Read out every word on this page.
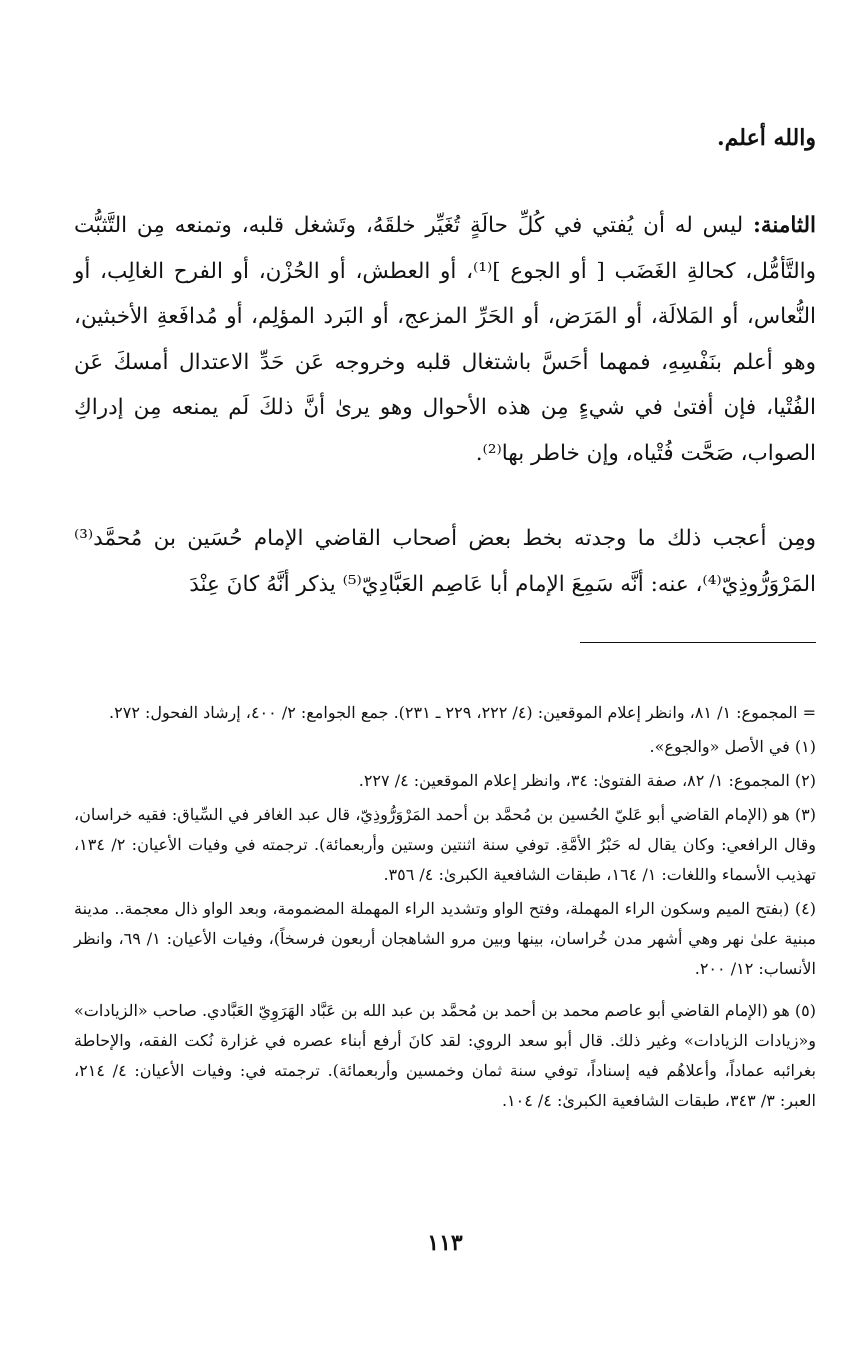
والله أعلم.

الثامنة: ليس له أن يُفتي في كُلِّ حالَةٍ تُغَيِّر خلقَهُ، وتَشغل قلبه، وتمنعه مِن التَّثبُّت والتَّأمُّل، كحالةِ الغَضَب [ أو الجوع ]⁽¹⁾، أو العطش، أو الحُزْن، أو الفرح الغالِب، أو النُّعاس، أو المَلالَة، أو المَرَض، أو الحَرِّ المزعج، أو البَرد المؤلِم، أو مُدافَعةِ الأخبثين، وهو أعلم بنَفْسِهِ، فمهما أحَسَّ باشتغال قلبه وخروجه عَن حَدِّ الاعتدال أمسكَ عَن الفُتْيا، فإن أفتىٰ في شيءٍ مِن هذه الأحوال وهو يرىٰ أنَّ ذلكَ لَم يمنعه مِن إدراكِ الصواب، صَحَّت فُتْياه، وإن خاطر بها⁽²⁾.

ومِن أعجب ذلك ما وجدته بخط بعض أصحاب القاضي الإمام حُسَين بن مُحمَّد⁽³⁾ المَرْوَرُّوذِيّ⁽⁴⁾، عنه: أنَّه سَمِعَ الإمام أبا عَاصِم العَبَّادِيّ⁽⁵⁾ يذكر أنَّهُ كانَ عِنْدَ

= المجموع: ١/ ٨١، وانظر إعلام الموقعين: (٤/ ٢٢٢، ٢٢٩ ـ ٢٣١). جمع الجوامع: ٢/ ٤٠٠، إرشاد الفحول: ٢٧٢.

(١) في الأصل «والجوع».

(٢) المجموع: ١/ ٨٢، صفة الفتوىٰ: ٣٤، وانظر إعلام الموقعين: ٤/ ٢٢٧.

(٣) هو (الإمام القاضي أبو عَليّ الحُسين بن مُحمَّد بن أحمد المَرْوَرُّوذِيّ، قال عبد الغافر في السِّياق: فقيه خراسان، وقال الرافعي: وكان يقال له حَبْرُ الأمَّةِ. توفي سنة اثنتين وستين وأربعمائة). ترجمته في وفيات الأعيان: ٢/ ١٣٤، تهذيب الأسماء واللغات: ١/ ١٦٤، طبقات الشافعية الكبرىٰ: ٤/ ٣٥٦.

(٤) (بفتح الميم وسكون الراء المهملة، وفتح الواو وتشديد الراء المهملة المضمومة، وبعد الواو ذال معجمة.. مدينة مبنية علىٰ نهر وهي أشهر مدن خُراسان، بينها وبين مرو الشاهجان أربعون فرسخاً)، وفيات الأعيان: ١/ ٦٩، وانظر الأنساب: ١٢/ ٢٠٠.

(٥) هو (الإمام القاضي أبو عاصم محمد بن أحمد بن مُحمَّد بن عبد الله بن عَبَّاد الهَرَوِيّ العَبَّادي. صاحب «الزيادات» و«زيادات الزيادات» وغير ذلك. قال أبو سعد الروي: لقد كانَ أرفع أبناء عصره في غزارة نُكت الفقه، والإحاطة بغرائبه عماداً، وأعلاهُم فيه إسناداً، توفي سنة ثمان وخمسين وأربعمائة). ترجمته في: وفيات الأعيان: ٤/ ٢١٤، العبر: ٣/ ٣٤٣، طبقات الشافعية الكبرىٰ: ٤/ ١٠٤.

١١٣
